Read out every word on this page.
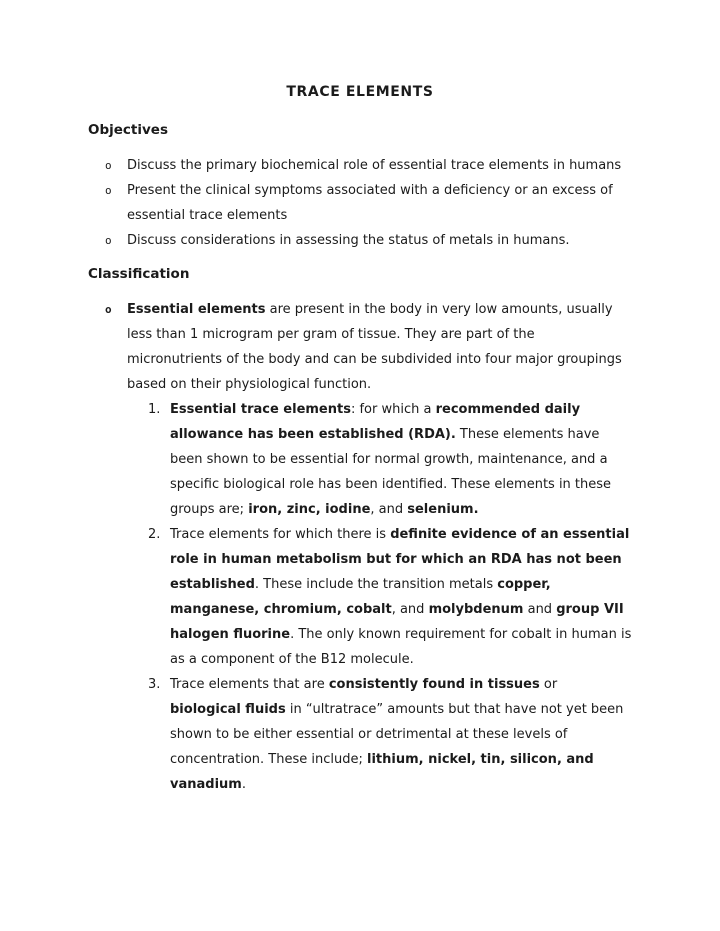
TRACE ELEMENTS
Objectives
o Discuss the primary biochemical role of essential trace elements in humans
o Present the clinical symptoms associated with a deficiency or an excess of essential trace elements
o Discuss considerations in assessing the status of metals in humans.
Classification
o Essential elements are present in the body in very low amounts, usually less than 1 microgram per gram of tissue. They are part of the micronutrients of the body and can be subdivided into four major groupings based on their physiological function.
1. Essential trace elements: for which a recommended daily allowance has been established (RDA). These elements have been shown to be essential for normal growth, maintenance, and a specific biological role has been identified. These elements in these groups are; iron, zinc, iodine, and selenium.
2. Trace elements for which there is definite evidence of an essential role in human metabolism but for which an RDA has not been established. These include the transition metals copper, manganese, chromium, cobalt, and molybdenum and group VII halogen fluorine. The only known requirement for cobalt in human is as a component of the B12 molecule.
3. Trace elements that are consistently found in tissues or biological fluids in “ultratrace” amounts but that have not yet been shown to be either essential or detrimental at these levels of concentration. These include; lithium, nickel, tin, silicon, and vanadium.
